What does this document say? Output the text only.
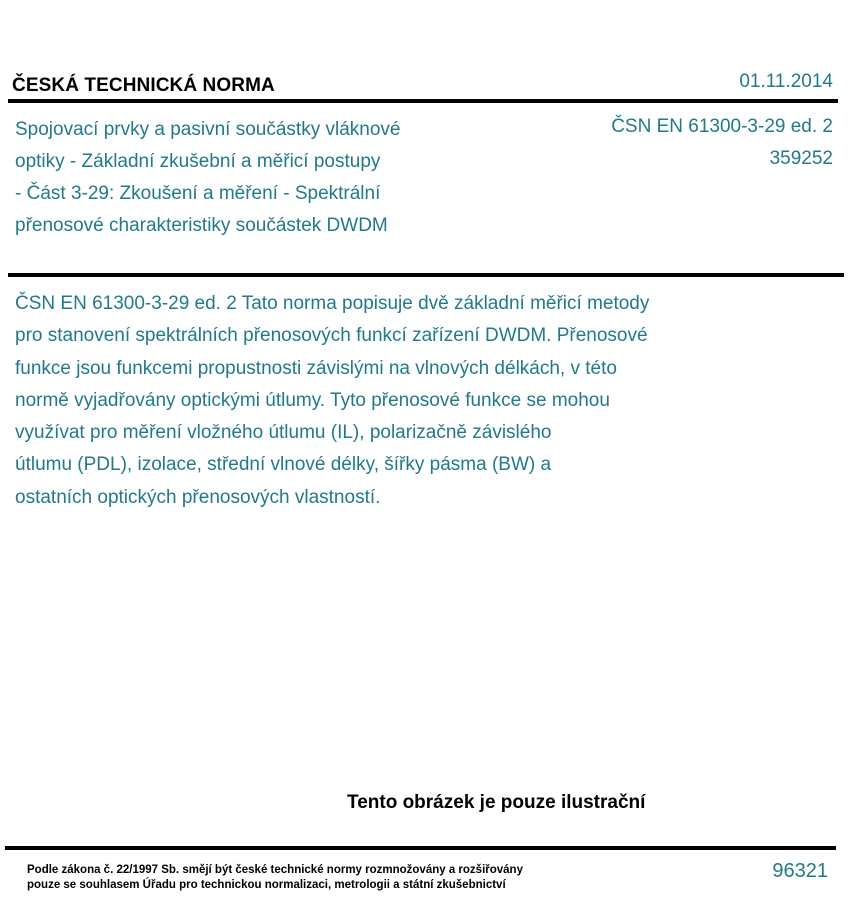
ČESKÁ TECHNICKÁ NORMA	01.11.2014
Spojovací prvky a pasivní součástky vláknové
optiky - Základní zkušební a měřicí postupy
- Část 3-29: Zkoušení a měření - Spektrální
přenosové charakteristiky součástek DWDM
ČSN EN 61300-3-29 ed. 2
359252
ČSN EN 61300-3-29 ed. 2 Tato norma popisuje dvě základní měřicí metody
pro stanovení spektrálních přenosových funkcí zařízení DWDM. Přenosové
funkce jsou funkcemi propustnosti závislými na vlnových délkách, v této
normě vyjadřovány optickými útlumy. Tyto přenosové funkce se mohou
využívat pro měření vložného útlumu (IL), polarizačně závislého
útlumu (PDL), izolace, střední vlnové délky, šířky pásma (BW) a
ostatních optických přenosových vlastností.
Tento obrázek je pouze ilustrační
Podle zákona č. 22/1997 Sb. smějí být české technické normy rozmnožovány a rozšiřovány
pouze se souhlasem Úřadu pro technickou normalizaci, metrologii a státní zkušebnictví
96321
